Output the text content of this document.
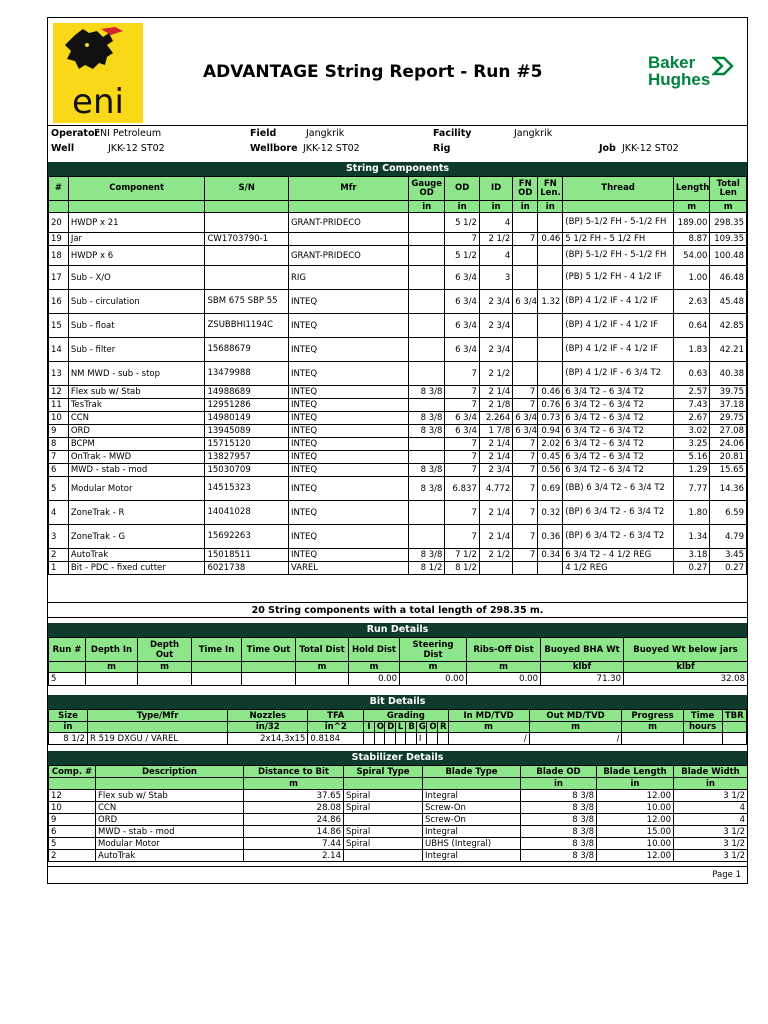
eni
ADVANTAGE String Report - Run #5	Baker
Hughes
Operator
ENI Petroleum	Field	Jangkrik	Facility	Jangkrik
Well	JKK-12 ST02	Wellbore JKK-12 ST02	Rig	Job JKK-12 ST02
String Components
#	Component	S/N	Mfr	Gauge OD	OD	ID	FN OD	FN Len.	Thread	Length	Total Len
				in	in	in	in	in		m	m
20	HWDP x 21		GRANT-PRIDECO		5 1/2	4			(BP) 5-1/2 FH - 5-1/2 FH	189.00	298.35
19	Jar	CW1703790-1			7	2 1/2	7	0.46	5 1/2 FH - 5 1/2 FH	8.87	109.35
18	HWDP x 6		GRANT-PRIDECO		5 1/2	4			(BP) 5-1/2 FH - 5-1/2 FH	54.00	100.48
17	Sub - X/O		RIG		6 3/4	3			(PB) 5 1/2 FH - 4 1/2 IF	1.00	46.48
16	Sub - circulation	SBM 675 SBP 55	INTEQ		6 3/4	2 3/4	6 3/4	1.32	(BP) 4 1/2 IF - 4 1/2 IF	2.63	45.48
15	Sub - float	ZSUBBHI1194C	INTEQ		6 3/4	2 3/4			(BP) 4 1/2 IF - 4 1/2 IF	0.64	42.85
14	Sub - filter	15688679	INTEQ		6 3/4	2 3/4			(BP) 4 1/2 IF - 4 1/2 IF	1.83	42.21
13	NM MWD - sub - stop	13479988	INTEQ		7	2 1/2			(BP) 4 1/2 IF - 6 3/4 T2	0.63	40.38
12	Flex sub w/ Stab	14988689	INTEQ	8 3/8	7	2 1/4	7	0.46	6 3/4 T2 - 6 3/4 T2	2.57	39.75
11	TesTrak	12951286	INTEQ		7	2 1/8	7	0.76	6 3/4 T2 - 6 3/4 T2	7.43	37.18
10	CCN	14980149	INTEQ	8 3/8	6 3/4	2.264	6 3/4	0.73	6 3/4 T2 - 6 3/4 T2	2.67	29.75
9	ORD	13945089	INTEQ	8 3/8	6 3/4	1 7/8	6 3/4	0.94	6 3/4 T2 - 6 3/4 T2	3.02	27.08
8	BCPM	15715120	INTEQ		7	2 1/4	7	2.02	6 3/4 T2 - 6 3/4 T2	3.25	24.06
7	OnTrak - MWD	13827957	INTEQ		7	2 1/4	7	0.45	6 3/4 T2 - 6 3/4 T2	5.16	20.81
6	MWD - stab - mod	15030709	INTEQ	8 3/8	7	2 3/4	7	0.56	6 3/4 T2 - 6 3/4 T2	1.29	15.65
5	Modular Motor	14515323	INTEQ	8 3/8	6.837	4.772	7	0.69	(BB) 6 3/4 T2 - 6 3/4 T2	7.77	14.36
4	ZoneTrak - R	14041028	INTEQ		7	2 1/4	7	0.32	(BP) 6 3/4 T2 - 6 3/4 T2	1.80	6.59
3	ZoneTrak - G	15692263	INTEQ		7	2 1/4	7	0.36	(BP) 6 3/4 T2 - 6 3/4 T2	1.34	4.79
2	AutoTrak	15018511	INTEQ	8 3/8	7 1/2	2 1/2	7	0.34	6 3/4 T2 - 4 1/2 REG	3.18	3.45
1	Bit - PDC - fixed cutter	6021738	VAREL	8 1/2	8 1/2				4 1/2 REG	0.27	0.27
20 String components with a total length of 298.35 m.
Run Details
Run #	Depth In	Depth Out	Time In	Time Out	Total Dist	Hold Dist	Steering Dist	Ribs-Off Dist	Buoyed BHA Wt	Buoyed Wt below jars
	m	m			m	m	m	m	klbf	klbf
5						0.00	0.00	0.00	71.30	32.08
Bit Details
Size	Type/Mfr	Nozzles	TFA	Grading								In MD/TVD	Out MD/TVD	Progress	Time	TBR
in		in/32	in^2	I	O	D	L	B	G	O	R	m	m	m	hours	
8 1/2	R 519 DXGU / VAREL	2x14,3x15	0.8184						I			/	/			
Stabilizer Details
Comp. #	Description	Distance to Bit	Spiral Type	Blade Type	Blade OD	Blade Length	Blade Width
		m			in	in	in
12	Flex sub w/ Stab	37.65	Spiral	Integral	8 3/8	12.00	3 1/2
10	CCN	28.08	Spiral	Screw-On	8 3/8	10.00	4
9	ORD	24.86		Screw-On	8 3/8	12.00	4
6	MWD - stab - mod	14.86	Spiral	Integral	8 3/8	15.00	3 1/2
5	Modular Motor	7.44	Spiral	UBHS (Integral)	8 3/8	10.00	3 1/2
2	AutoTrak	2.14		Integral	8 3/8	12.00	3 1/2
Page 1
